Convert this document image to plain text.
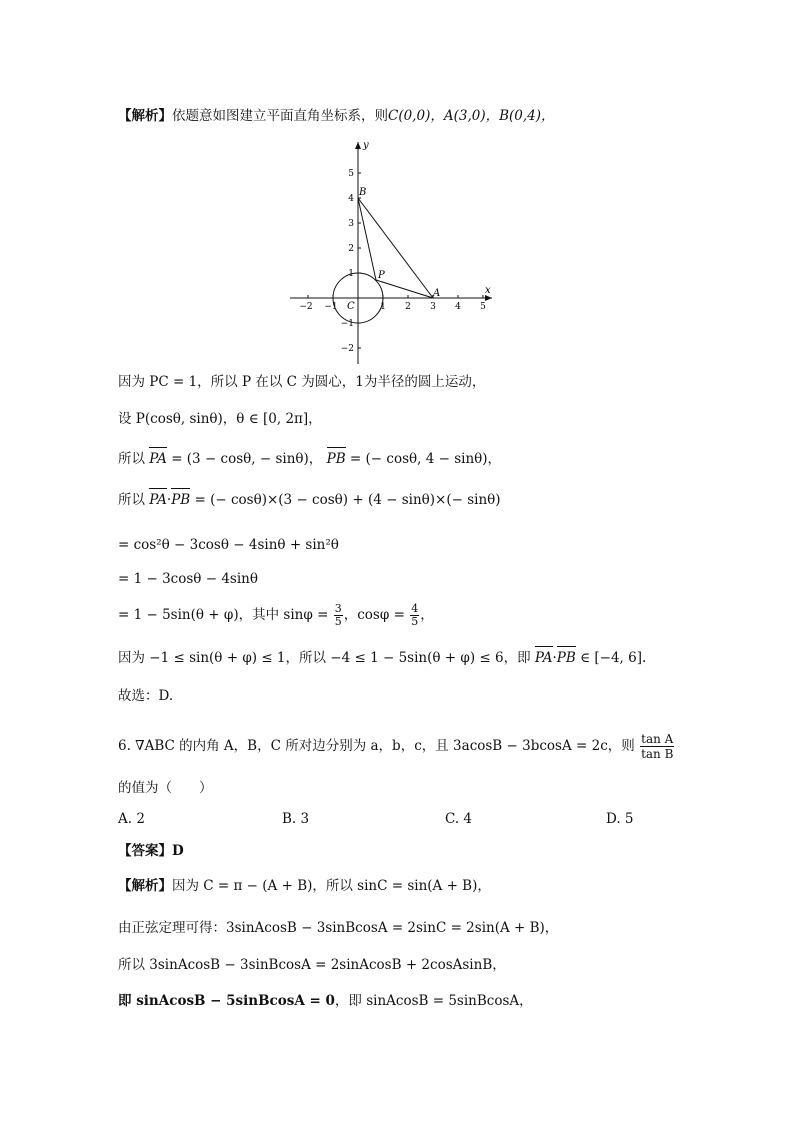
【解析】依题意如图建立平面直角坐标系，则C(0,0)，A(3,0)，B(0,4)，
x
y
−2 −1	1 2 3 4 5
5
4
3
2
1
−1
−2
B
P
A
C
因为 PC = 1，所以 P 在以 C 为圆心，1为半径的圆上运动，
设 P(cosθ, sinθ)，θ ∈ [0, 2π]，
所以 PA = (3 − cosθ, − sinθ)， PB = (− cosθ, 4 − sinθ)，
所以 PA·PB = (− cosθ)×(3 − cosθ) + (4 − sinθ)×(− sinθ)
= cos²θ − 3cosθ − 4sinθ + sin²θ
= 1 − 3cosθ − 4sinθ
= 1 − 5sin(θ + φ)，其中 $\sin\varphi = \frac{3}{5}$ ，$\cos\varphi = \frac{4}{5}$ ，
因为 −1 ≤ sin(θ + φ) ≤ 1，所以 −4 ≤ 1 − 5sin(θ + φ) ≤ 6，即 PA·PB ∈ [−4, 6].
故选：D.
6. ∇ABC 的内角 A，B，C 所对边分别为 a，b，c，且 3acosB − 3bcosA = 2c，则 $\frac{\text{tan A}}{\text{tan B}}$
的值为（　　）
A. 2	B. 3	C. 4	D. 5
【答案】D
【解析】因为 C = π − (A + B)，所以 sinC = sin(A + B)，
由正弦定理可得：3sinAcosB − 3sinBcosA = 2sinC = 2sin(A + B)，
所以 3sinAcosB − 3sinBcosA = 2sinAcosB + 2cosAsinB，
即 sinAcosB − 5sinBcosA = 0，即 sinAcosB = 5sinBcosA，
